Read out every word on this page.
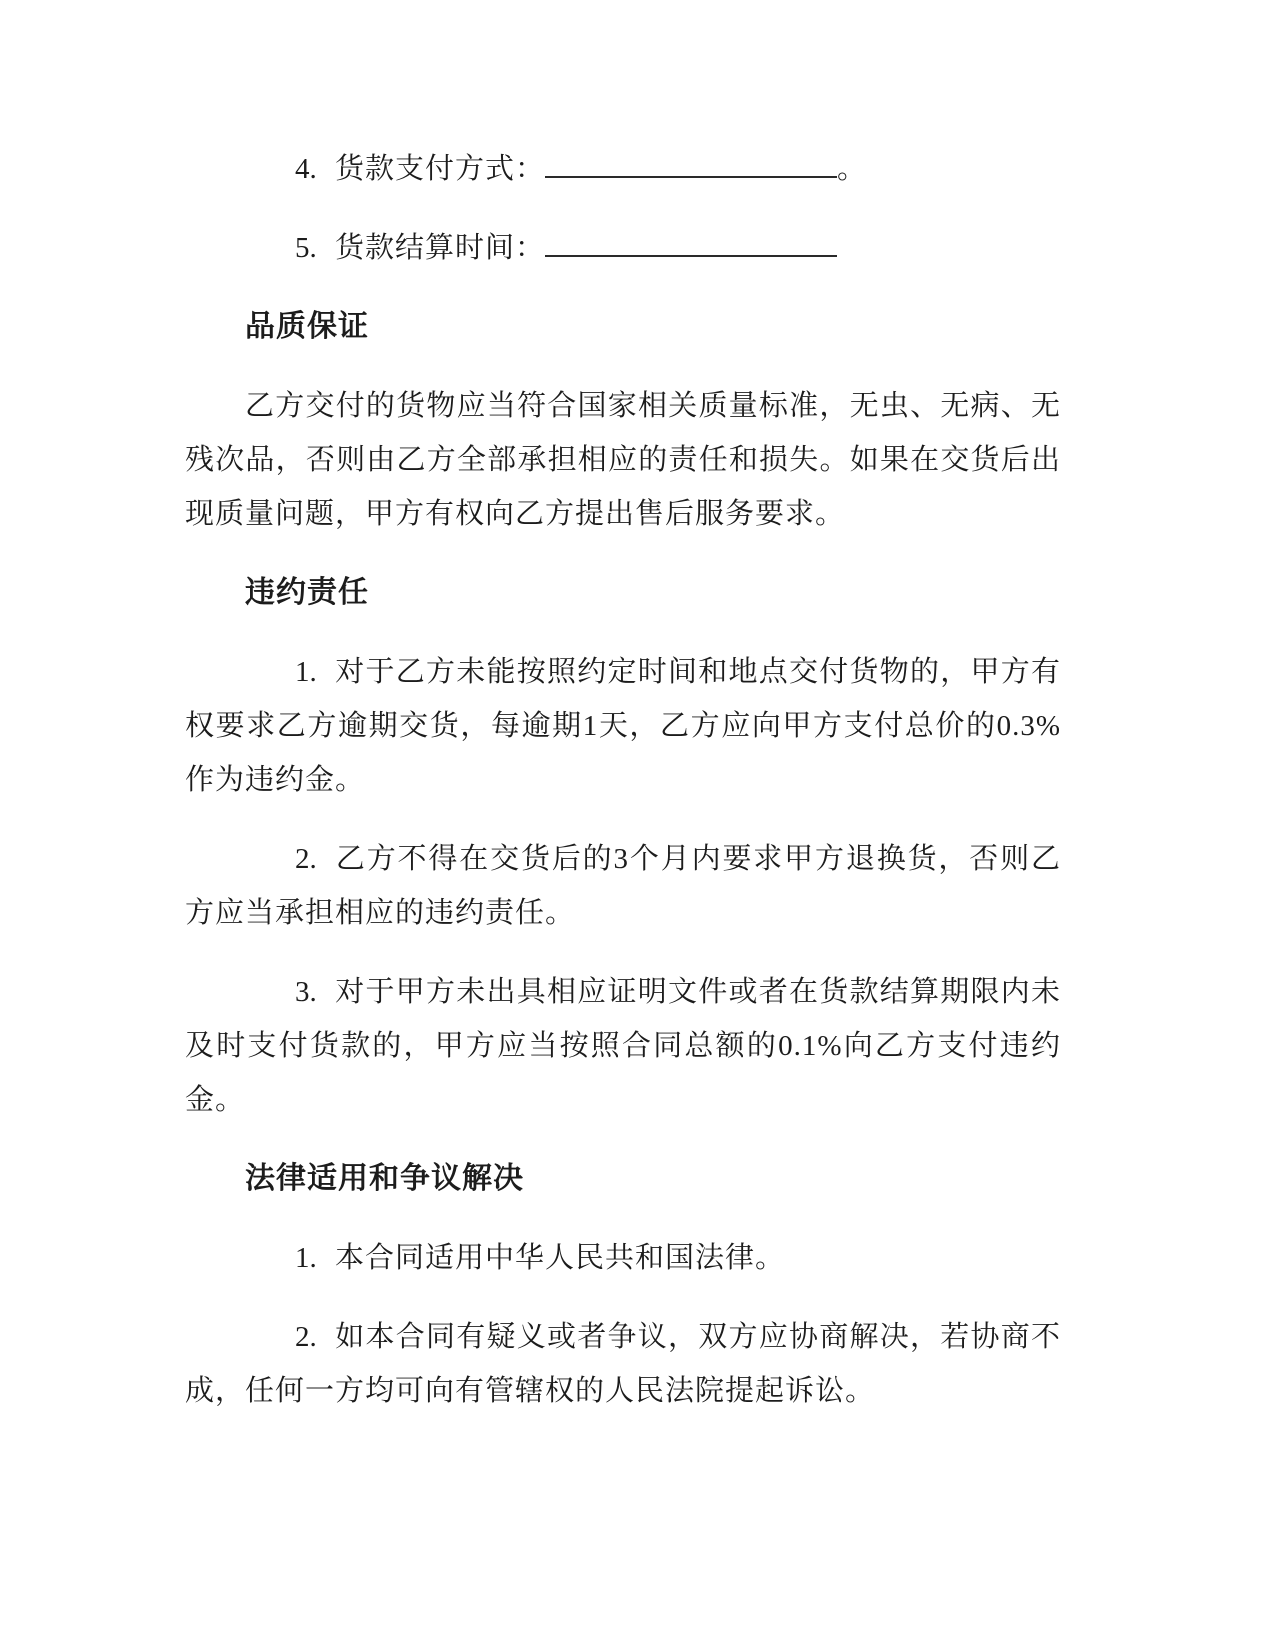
4. 货款支付方式：	。

5. 货款结算时间：

品质保证

乙方交付的货物应当符合国家相关质量标准，无虫、无病、无残次品，否则由乙方全部承担相应的责任和损失。如果在交货后出现质量问题，甲方有权向乙方提出售后服务要求。

违约责任

1. 对于乙方未能按照约定时间和地点交付货物的，甲方有权要求乙方逾期交货，每逾期1天，乙方应向甲方支付总价的0.3%作为违约金。

2. 乙方不得在交货后的3个月内要求甲方退换货，否则乙方应当承担相应的违约责任。

3. 对于甲方未出具相应证明文件或者在货款结算期限内未及时支付货款的，甲方应当按照合同总额的0.1%向乙方支付违约金。

法律适用和争议解决

1. 本合同适用中华人民共和国法律。

2. 如本合同有疑义或者争议，双方应协商解决，若协商不成，任何一方均可向有管辖权的人民法院提起诉讼。
